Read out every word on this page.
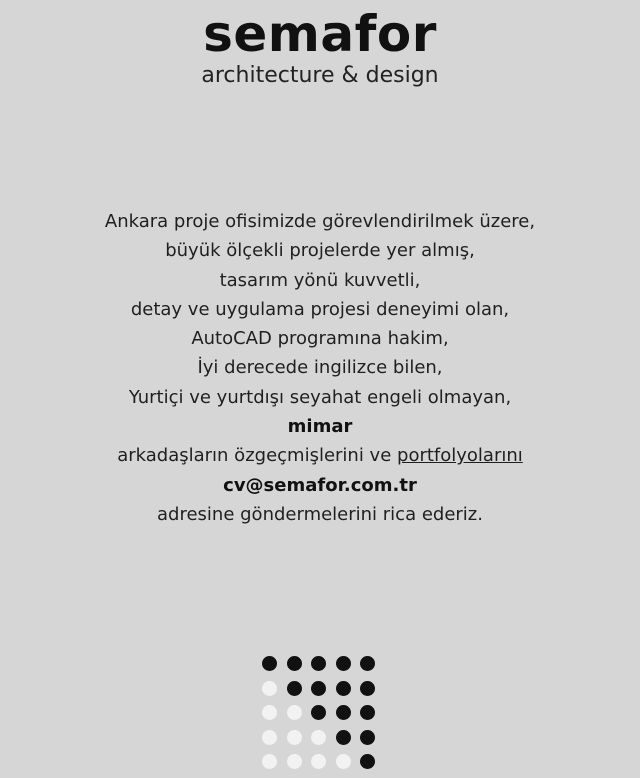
semafor
architecture & design
Ankara proje ofisimizde görevlendirilmek üzere,
büyük ölçekli projelerde yer almış,
tasarım yönü kuvvetli,
detay ve uygulama projesi deneyimi olan,
AutoCAD programına hakim,
İyi derecede ingilizce bilen,
Yurtiçi ve yurtdışı seyahat engeli olmayan,
mimar
arkadaşların özgeçmişlerini ve portfolyolarını
cv@semafor.com.tr
adresine göndermelerini rica ederiz.
